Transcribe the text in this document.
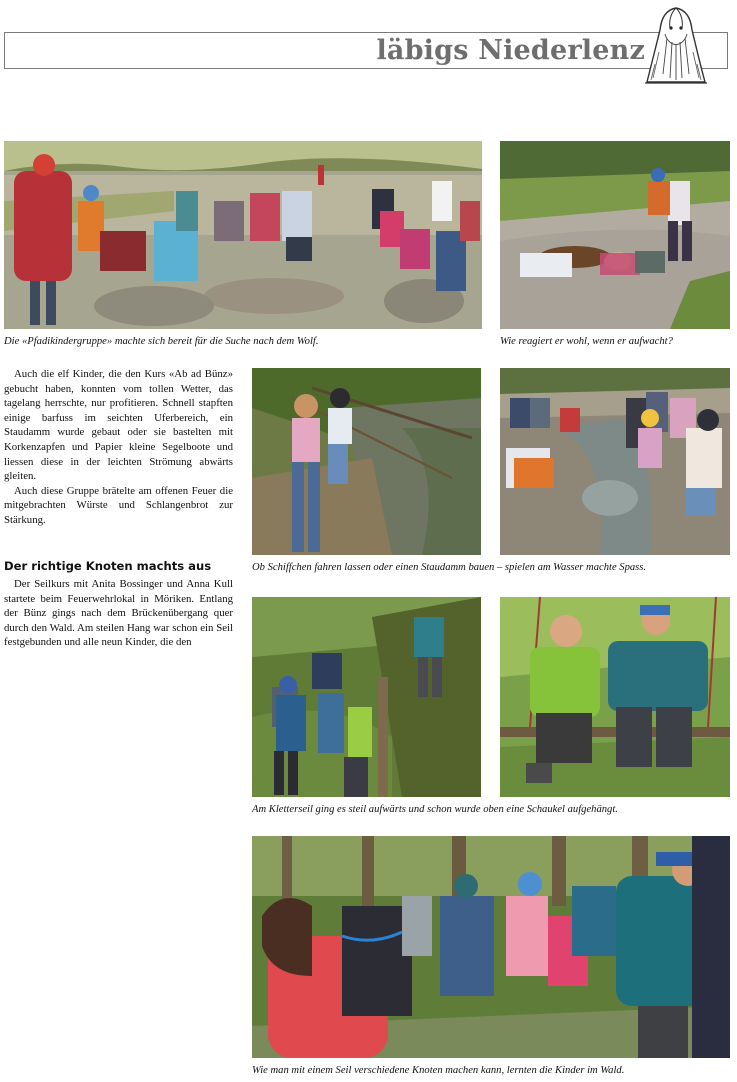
läbigs Niederlenz
Die «Pfadikindergruppe» machte sich bereit für die Suche nach dem Wolf.	Wie reagiert er wohl, wenn er aufwacht?

Auch die elf Kinder, die den Kurs «Ab ad Bünz» gebucht haben, konnten vom tollen Wetter, das tagelang herrschte, nur profitieren. Schnell stapften einige barfuss im seichten Uferbereich, ein Staudamm wurde gebaut oder sie bastelten mit Korkenzapfen und Papier kleine Segelboote und liessen diese in der leichten Strömung abwärts gleiten.

Auch diese Gruppe brätelte am offenen Feuer die mitgebrachten Würste und Schlangenbrot zur Stärkung.

Der richtige Knoten machts aus

Der Seilkurs mit Anita Bossinger und Anna Kull startete beim Feuerwehrlokal in Möriken. Entlang der Bünz gings nach dem Brückenübergang quer durch den Wald. Am steilen Hang war schon ein Seil festgebunden und alle neun Kinder, die den

Ob Schiffchen fahren lassen oder einen Staudamm bauen – spielen am Wasser machte Spass.
Am Kletterseil ging es steil aufwärts und schon wurde oben eine Schaukel aufgehängt.
Wie man mit einem Seil verschiedene Knoten machen kann, lernten die Kinder im Wald.
